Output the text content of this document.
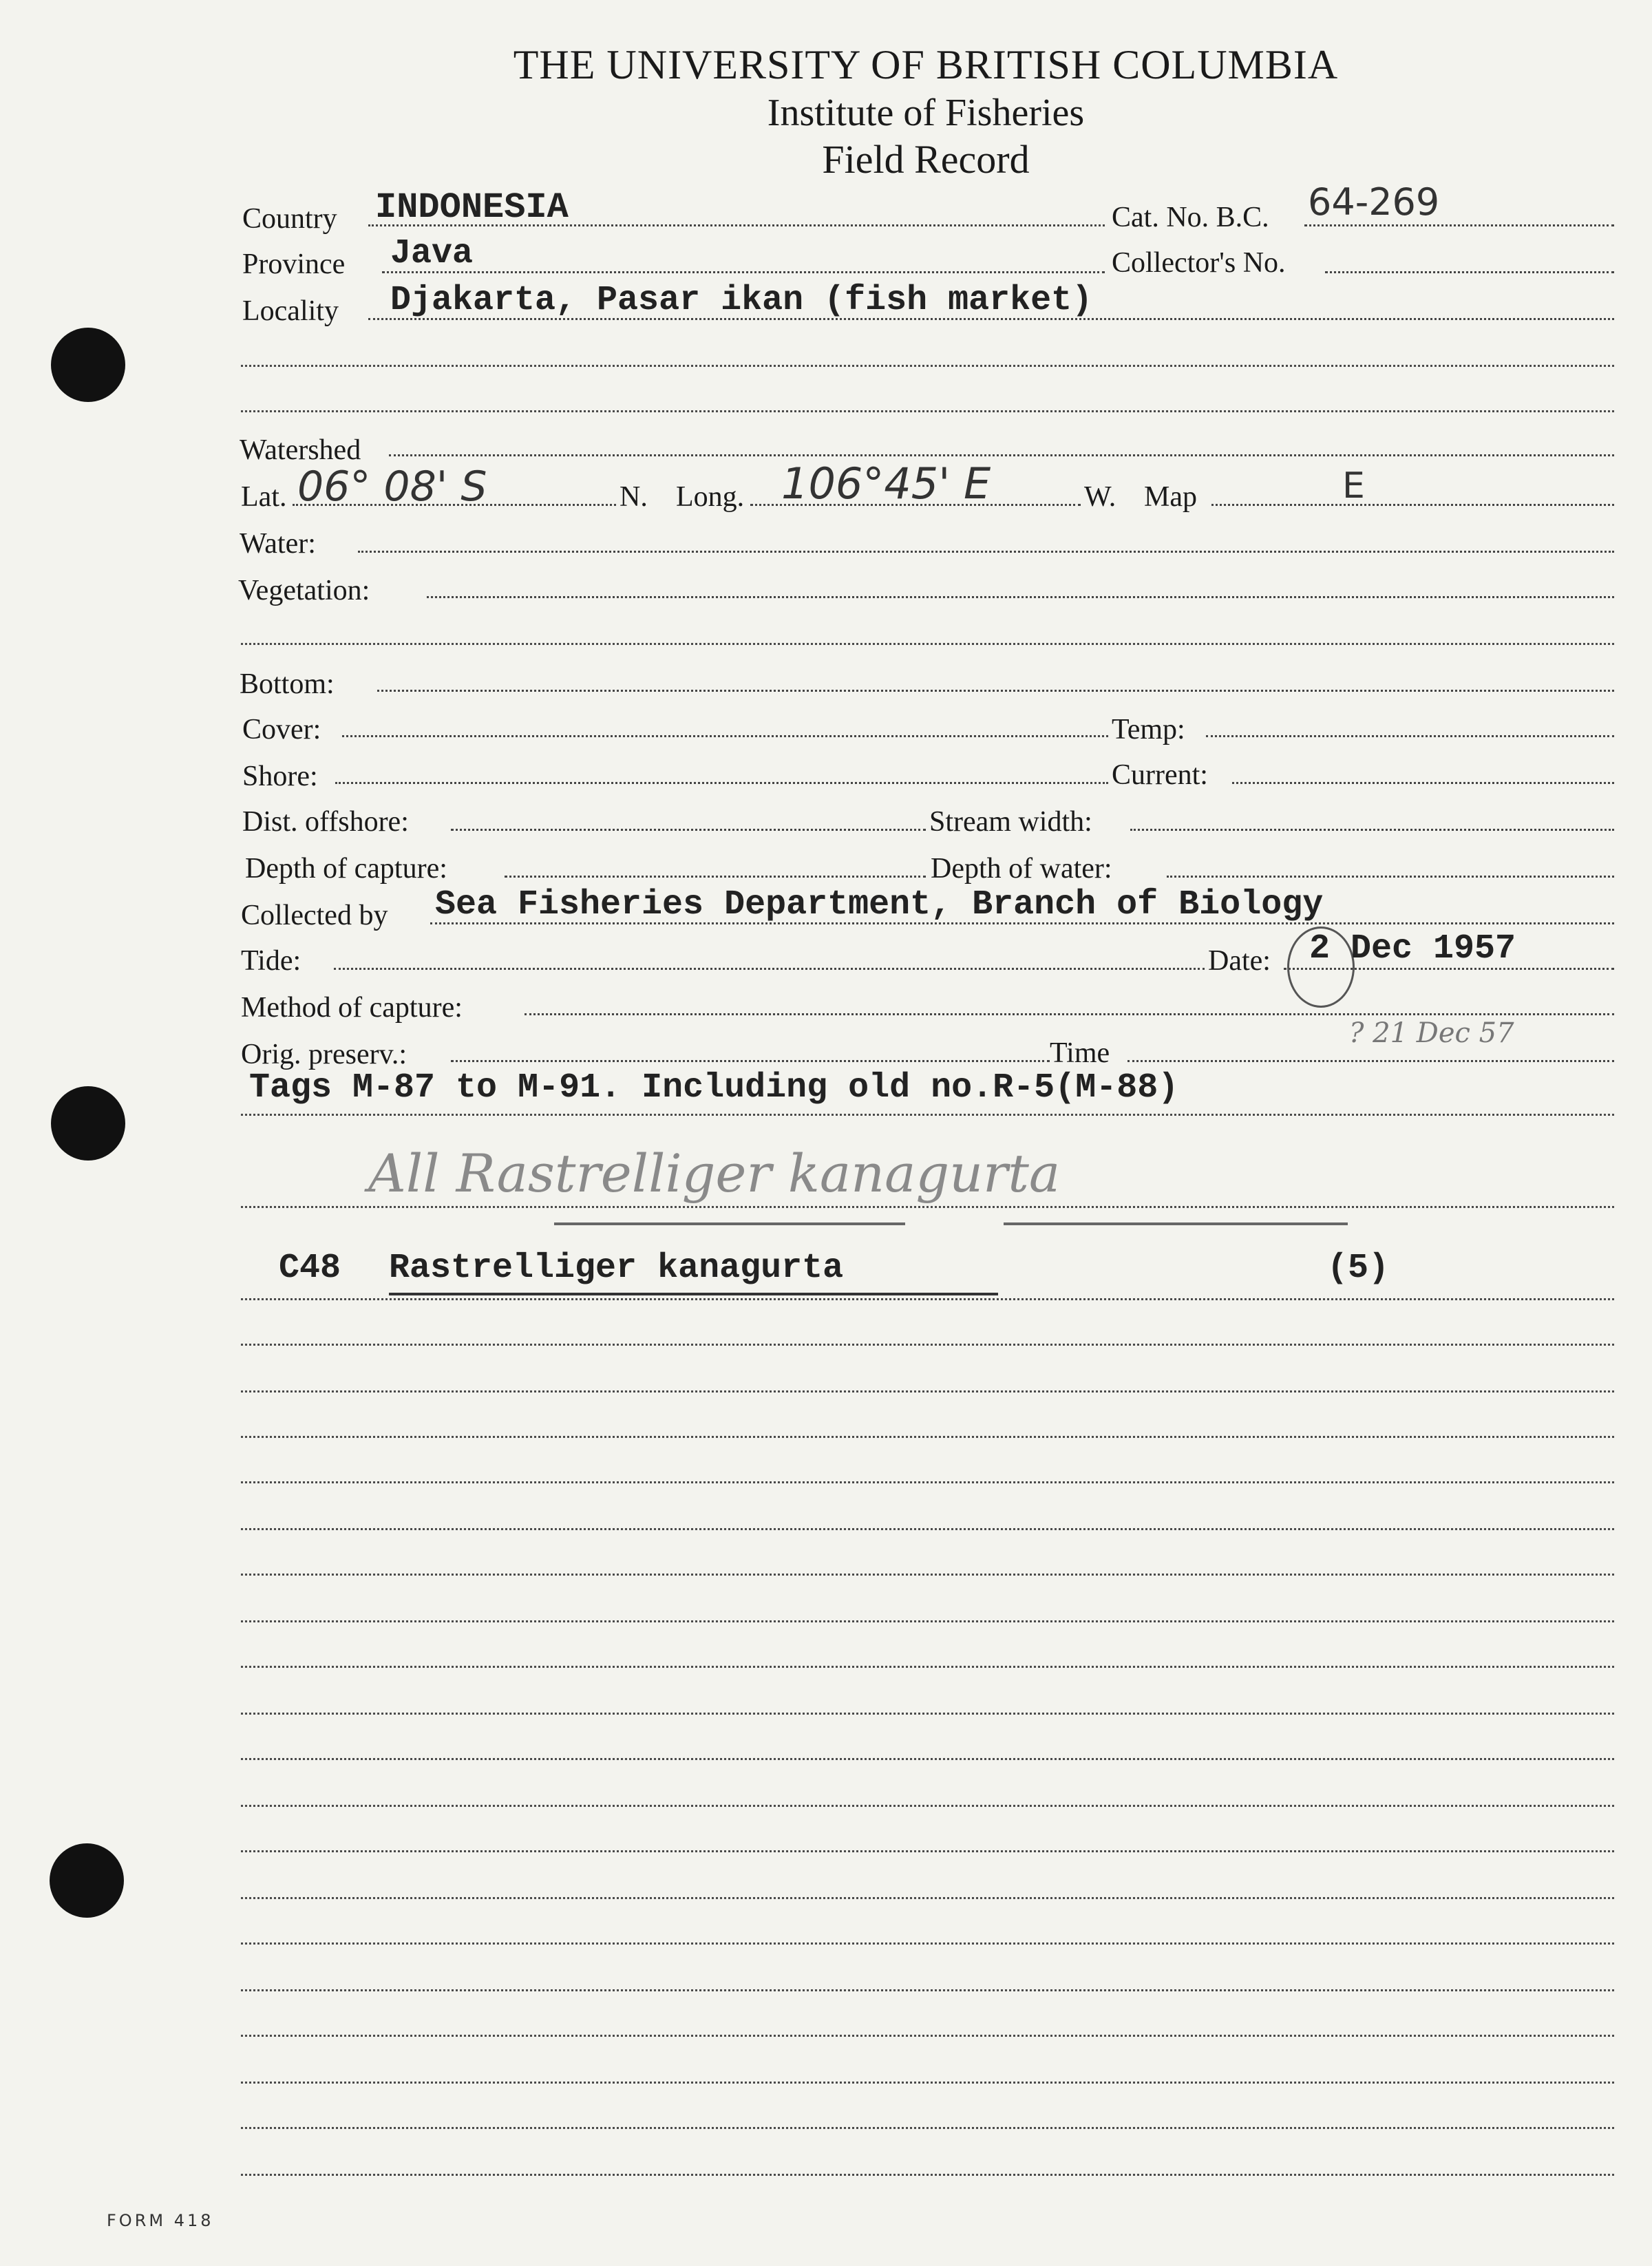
THE UNIVERSITY OF BRITISH COLUMBIA
Institute of Fisheries
Field Record
Country INDONESIA	Cat. No. B.C. 64-269
Province Java	Collector's No.
Locality Djakarta, Pasar ikan (fish market)
Watershed
Lat. 06° 08' S	N. Long. 106°45' E	W. Map	E
Water:
Vegetation:
Bottom:
Cover:	Temp:
Shore:	Current:
Dist. offshore:	Stream width:
Depth of capture:	Depth of water:
Collected by Sea Fisheries Department, Branch of Biology
Tide:	Date: 2 Dec 1957
Method of capture:
Orig. preserv.:	Time
? 21 Dec 57
Tags M-87 to M-91. Including old no.R-5(M-88)
All Rastrelliger kanagurta
C48 Rastrelliger kanagurta	(5)
FORM 418
